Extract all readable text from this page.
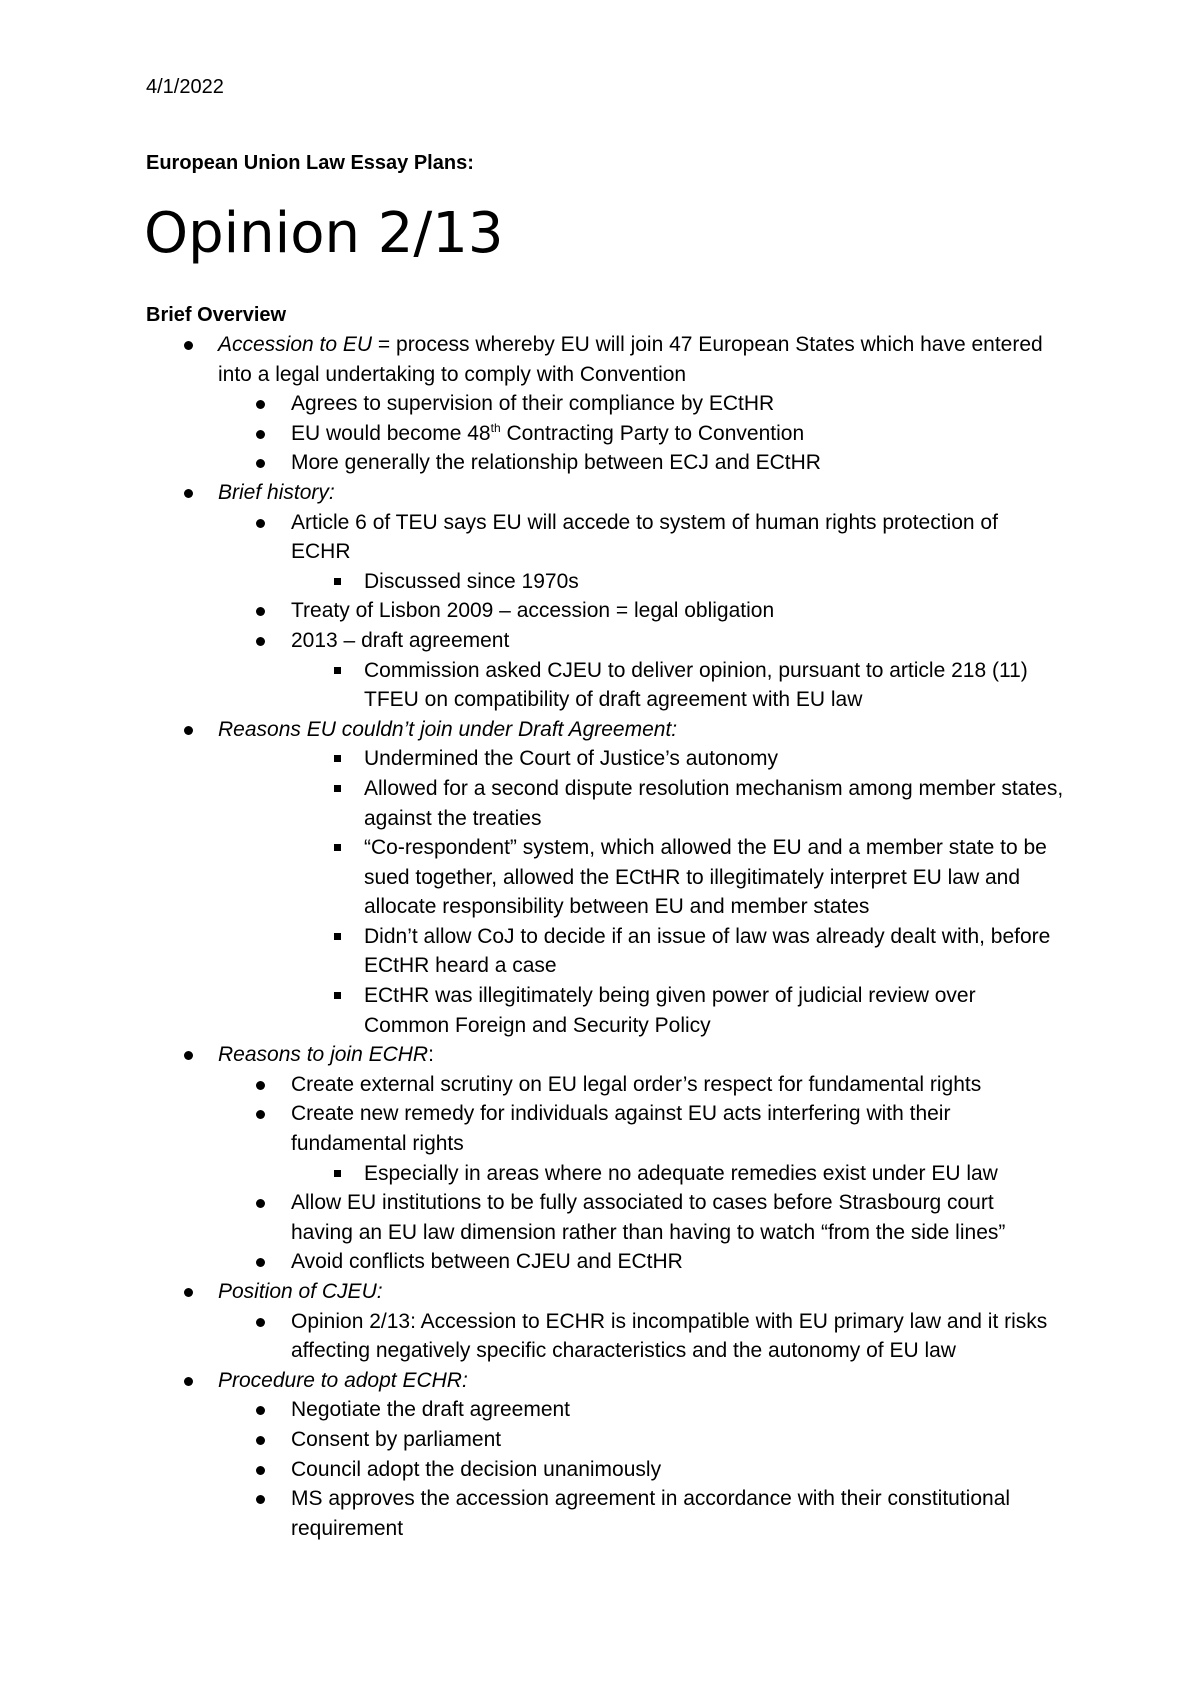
4/1/2022
European Union Law Essay Plans:
Opinion 2/13
Brief Overview
Accession to EU = process whereby EU will join 47 European States which have entered into a legal undertaking to comply with Convention
Agrees to supervision of their compliance by ECtHR
EU would become 48th Contracting Party to Convention
More generally the relationship between ECJ and ECtHR
Brief history:
Article 6 of TEU says EU will accede to system of human rights protection of ECHR
Discussed since 1970s
Treaty of Lisbon 2009 – accession = legal obligation
2013 – draft agreement
Commission asked CJEU to deliver opinion, pursuant to article 218 (11) TFEU on compatibility of draft agreement with EU law
Reasons EU couldn’t join under Draft Agreement:
Undermined the Court of Justice’s autonomy
Allowed for a second dispute resolution mechanism among member states, against the treaties
“Co-respondent” system, which allowed the EU and a member state to be sued together, allowed the ECtHR to illegitimately interpret EU law and allocate responsibility between EU and member states
Didn’t allow CoJ to decide if an issue of law was already dealt with, before ECtHR heard a case
ECtHR was illegitimately being given power of judicial review over Common Foreign and Security Policy
Reasons to join ECHR:
Create external scrutiny on EU legal order’s respect for fundamental rights
Create new remedy for individuals against EU acts interfering with their fundamental rights
Especially in areas where no adequate remedies exist under EU law
Allow EU institutions to be fully associated to cases before Strasbourg court having an EU law dimension rather than having to watch “from the side lines”
Avoid conflicts between CJEU and ECtHR
Position of CJEU:
Opinion 2/13: Accession to ECHR is incompatible with EU primary law and it risks affecting negatively specific characteristics and the autonomy of EU law
Procedure to adopt ECHR:
Negotiate the draft agreement
Consent by parliament
Council adopt the decision unanimously
MS approves the accession agreement in accordance with their constitutional requirement
